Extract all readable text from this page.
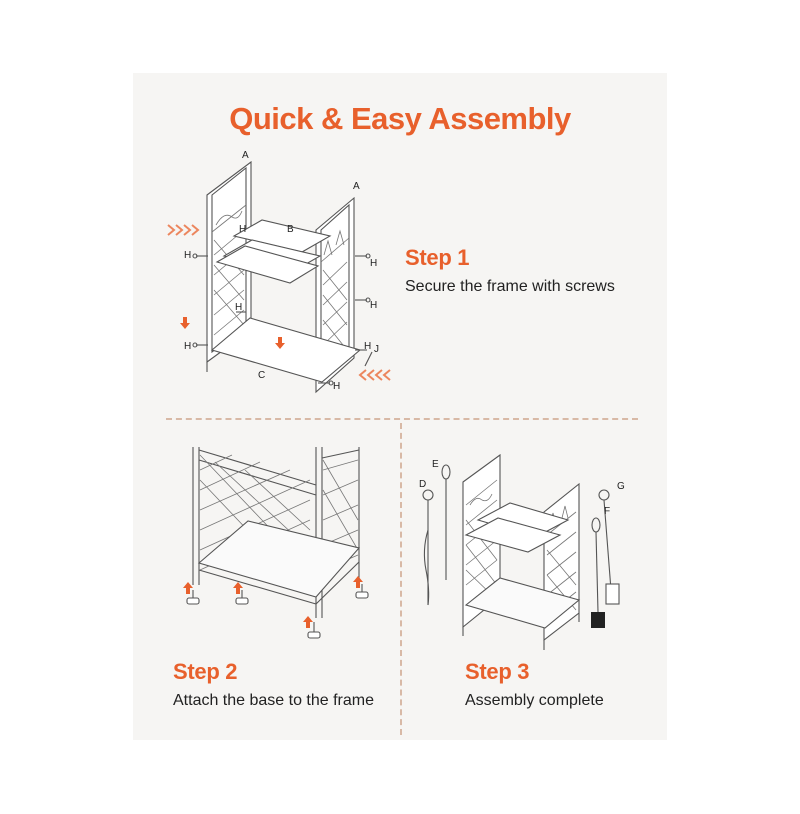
Quick & Easy Assembly
Step 1
Secure the frame with screws
Step 2
Attach the base to the frame
Step 3
Assembly complete
A
A
B
H
H
H
H
H
H	H J
C
H
E
D	G
F
